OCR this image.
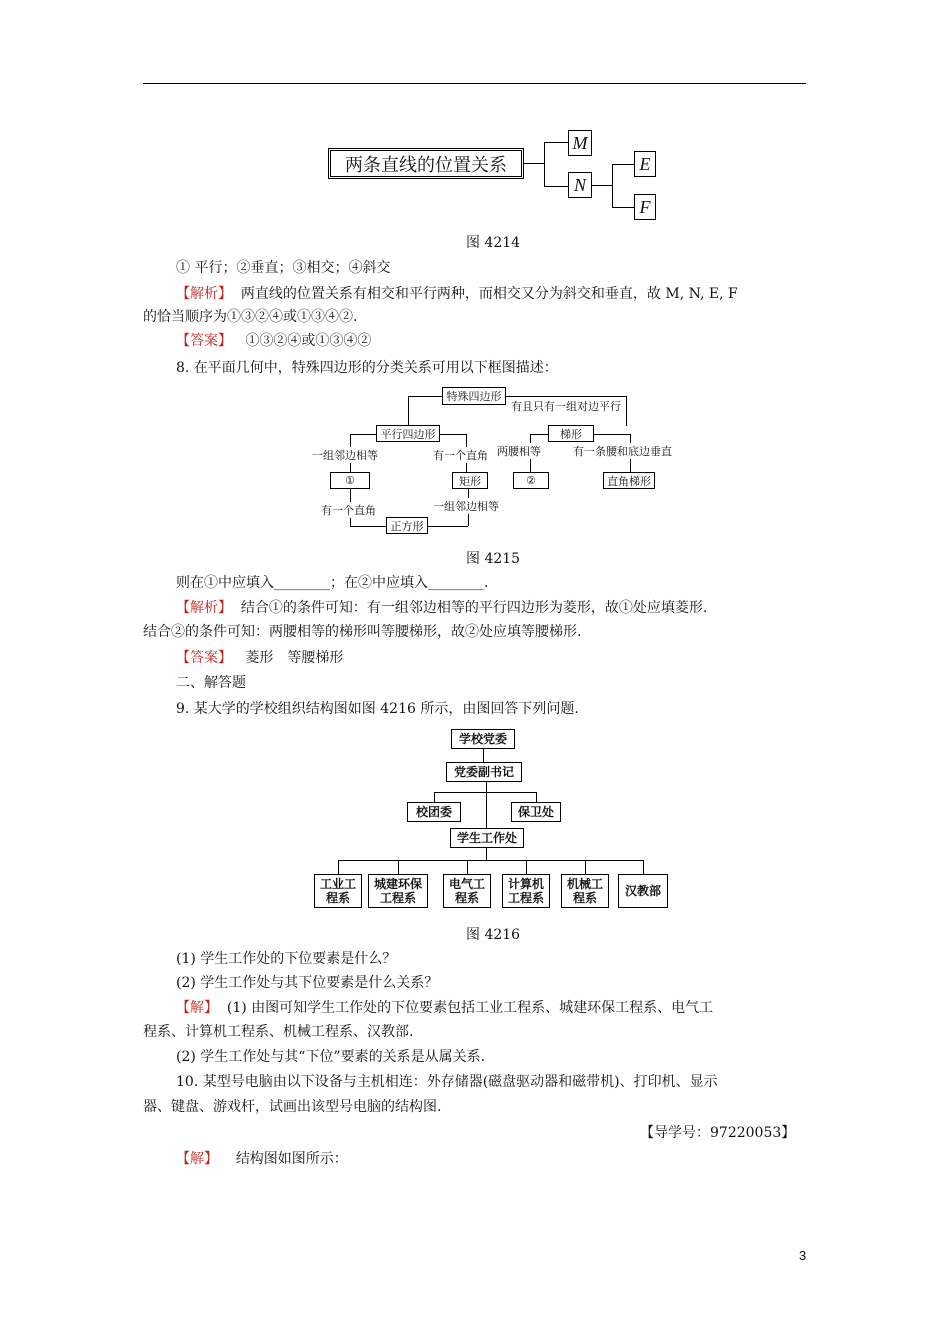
两条直线的位置关系
M
N
E
F
图 4214
① 平行；②垂直；③相交；④斜交
【解析】 两直线的位置关系有相交和平行两种，而相交又分为斜交和垂直，故 M, N, E, F
的恰当顺序为①③②④或①③④②.
【答案】 ①③②④或①③④②
8. 在平面几何中，特殊四边形的分类关系可用以下框图描述：
特殊四边形
有且只有一组对边平行
平行四边形	梯形
一组邻边相等	有一个直角 两腰相等	有一条腰和底边垂直
①	矩形	②	直角梯形
有一个直角	一组邻边相等
正方形
图 4215
则在①中应填入________；在②中应填入________.
【解析】 结合①的条件可知：有一组邻边相等的平行四边形为菱形，故①处应填菱形.
结合②的条件可知：两腰相等的梯形叫等腰梯形，故②处应填等腰梯形.
【答案】 菱形　等腰梯形
二、解答题
9. 某大学的学校组织结构图如图 4216 所示，由图回答下列问题.
学校党委
党委副书记
校团委	保卫处
学生工作处
工业工
程系
城建环保
工程系
电气工
程系
计算机
工程系
机械工
程系	汉教部
图 4216
(1) 学生工作处的下位要素是什么？
(2) 学生工作处与其下位要素是什么关系？
【解】 (1) 由图可知学生工作处的下位要素包括工业工程系、城建环保工程系、电气工
程系、计算机工程系、机械工程系、汉教部.
(2) 学生工作处与其“下位”要素的关系是从属关系.
10. 某型号电脑由以下设备与主机相连：外存储器(磁盘驱动器和磁带机)、打印机、显示
器、键盘、游戏杆，试画出该型号电脑的结构图.
【导学号：97220053】
【解】 结构图如图所示：
3
